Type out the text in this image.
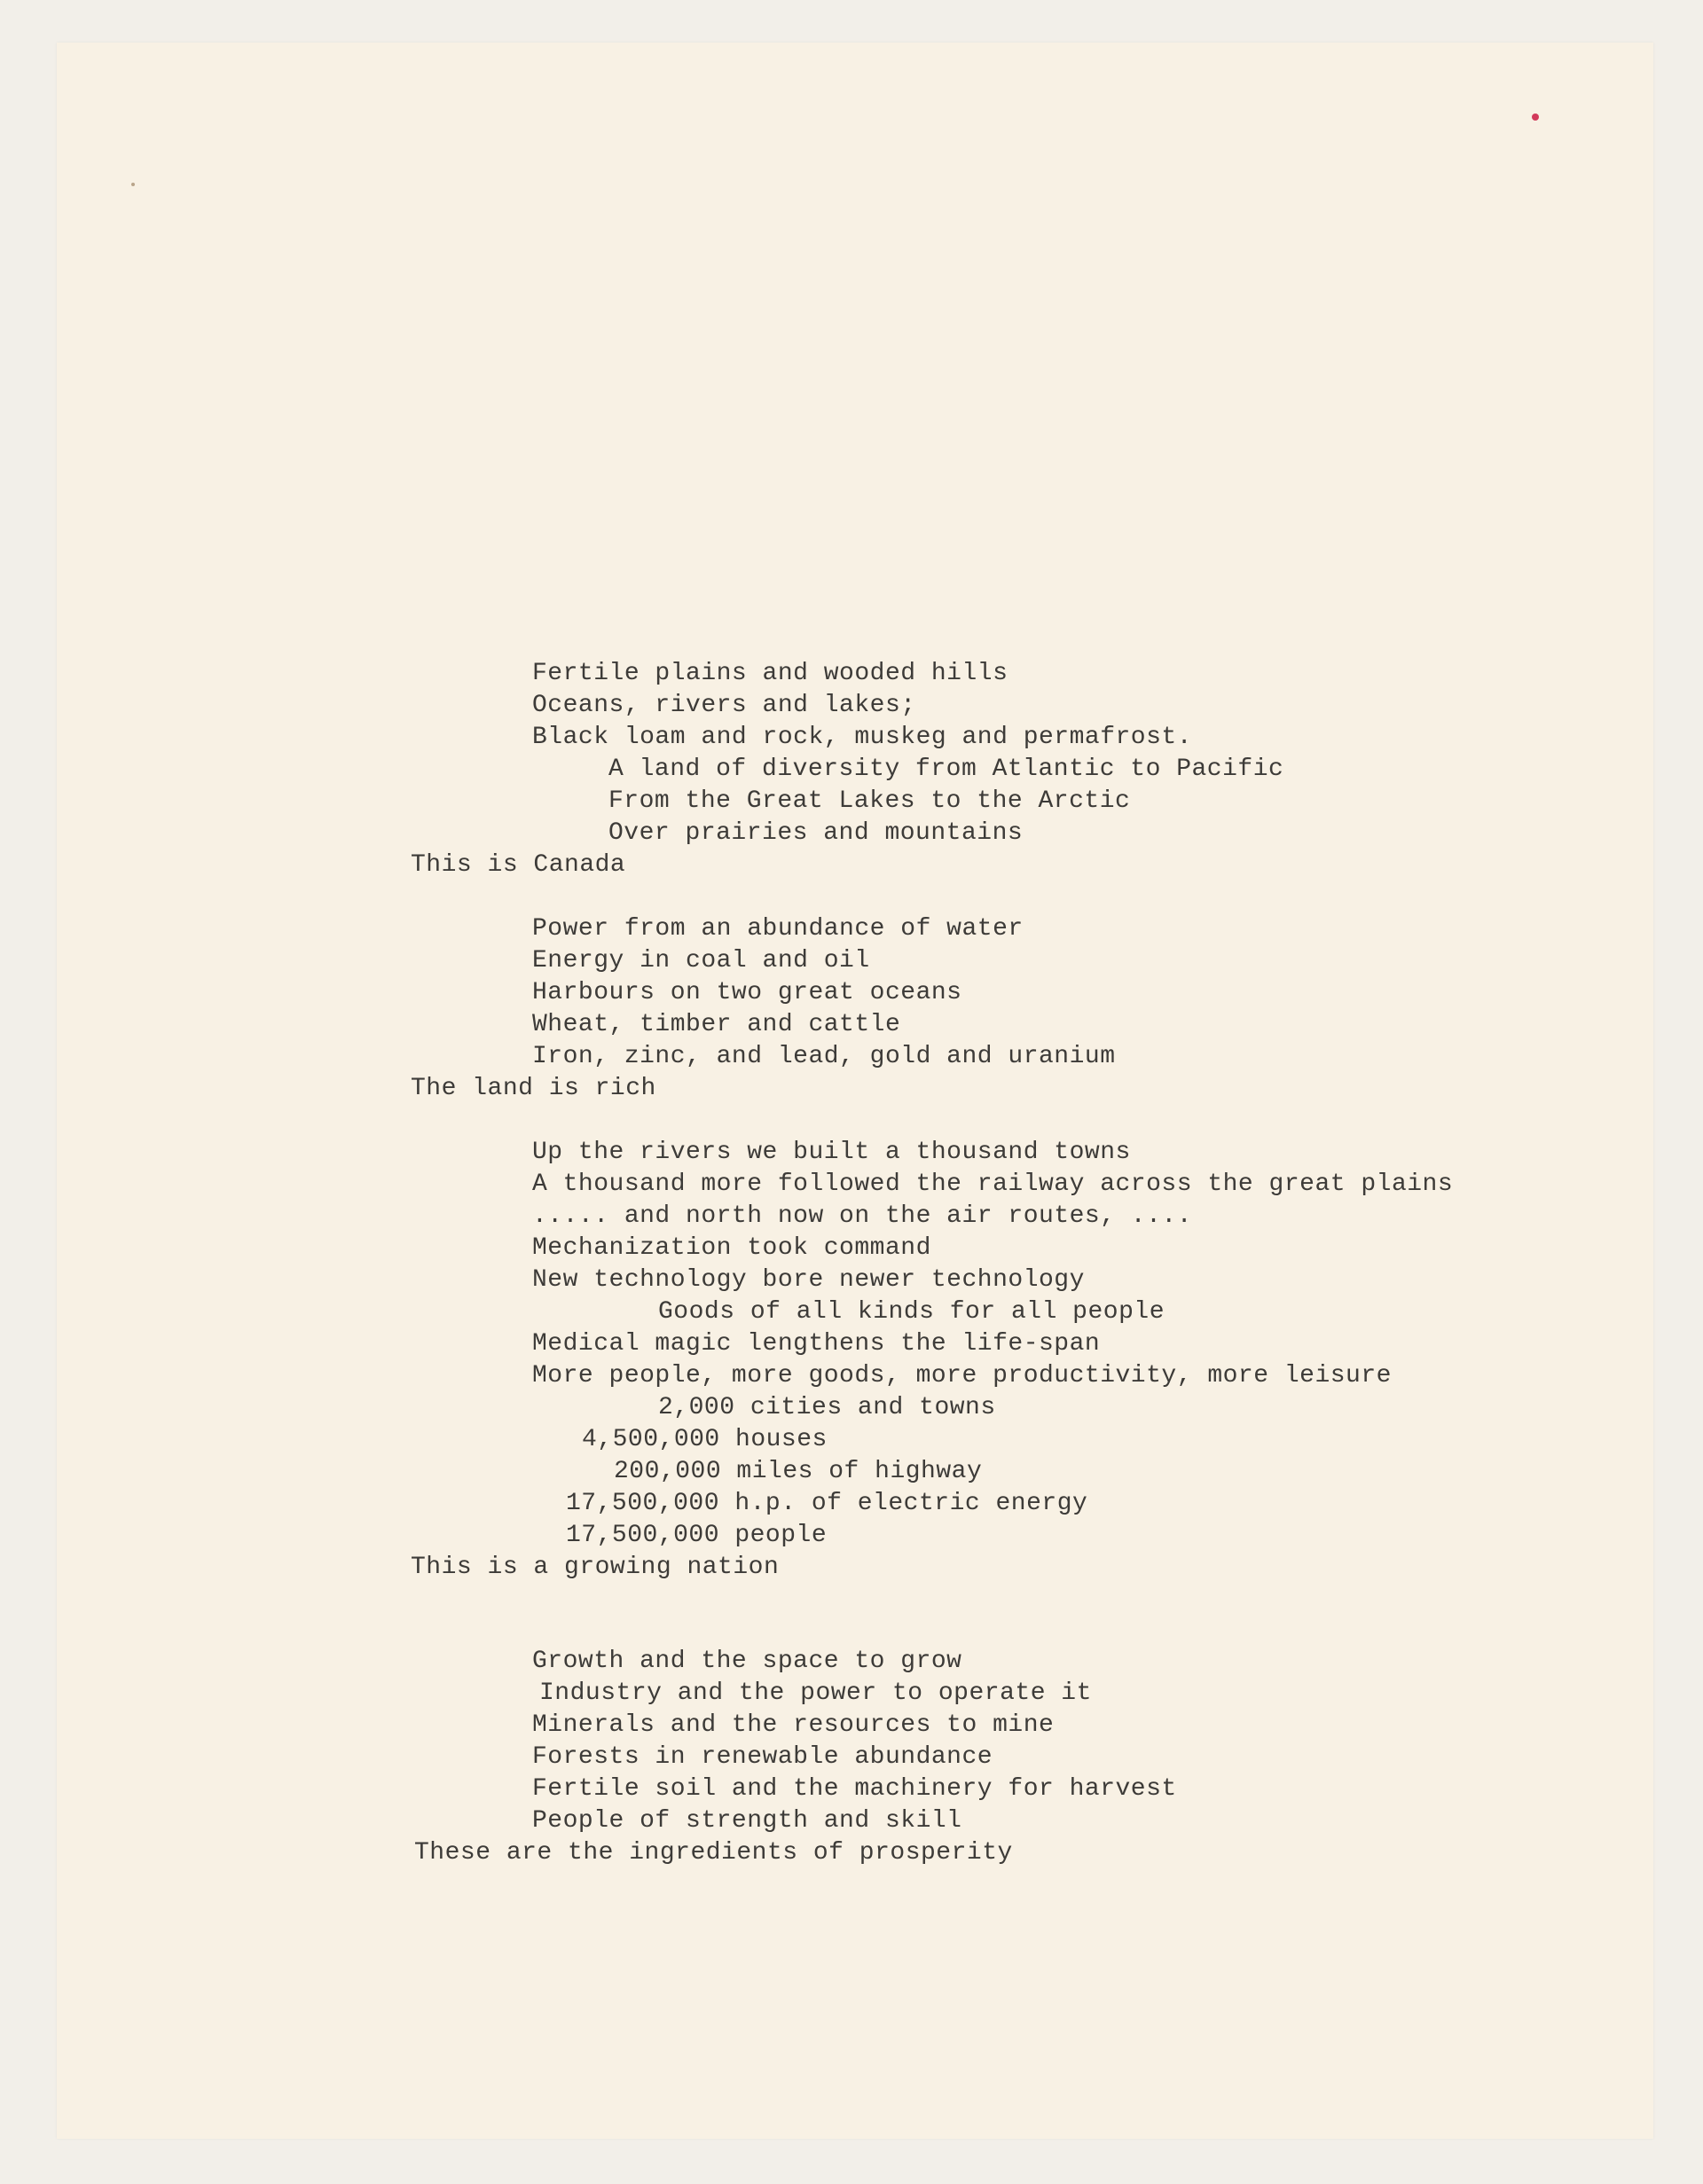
Fertile plains and wooded hills
Oceans, rivers and lakes;
Black loam and rock, muskeg and permafrost.
A land of diversity from Atlantic to Pacific
From the Great Lakes to the Arctic
Over prairies and mountains
This is Canada
Power from an abundance of water
Energy in coal and oil
Harbours on two great oceans
Wheat, timber and cattle
Iron, zinc, and lead, gold and uranium
The land is rich
Up the rivers we built a thousand towns
A thousand more followed the railway across the great plains
..... and north now on the air routes, ....
Mechanization took command
New technology bore newer technology
Goods of all kinds for all people
Medical magic lengthens the life-span
More people, more goods, more productivity, more leisure
2,000 cities and towns
4,500,000 houses
200,000 miles of highway
17,500,000 h.p. of electric energy
17,500,000 people
This is a growing nation
Growth and the space to grow
Industry and the power to operate it
Minerals and the resources to mine
Forests in renewable abundance
Fertile soil and the machinery for harvest
People of strength and skill
These are the ingredients of prosperity
